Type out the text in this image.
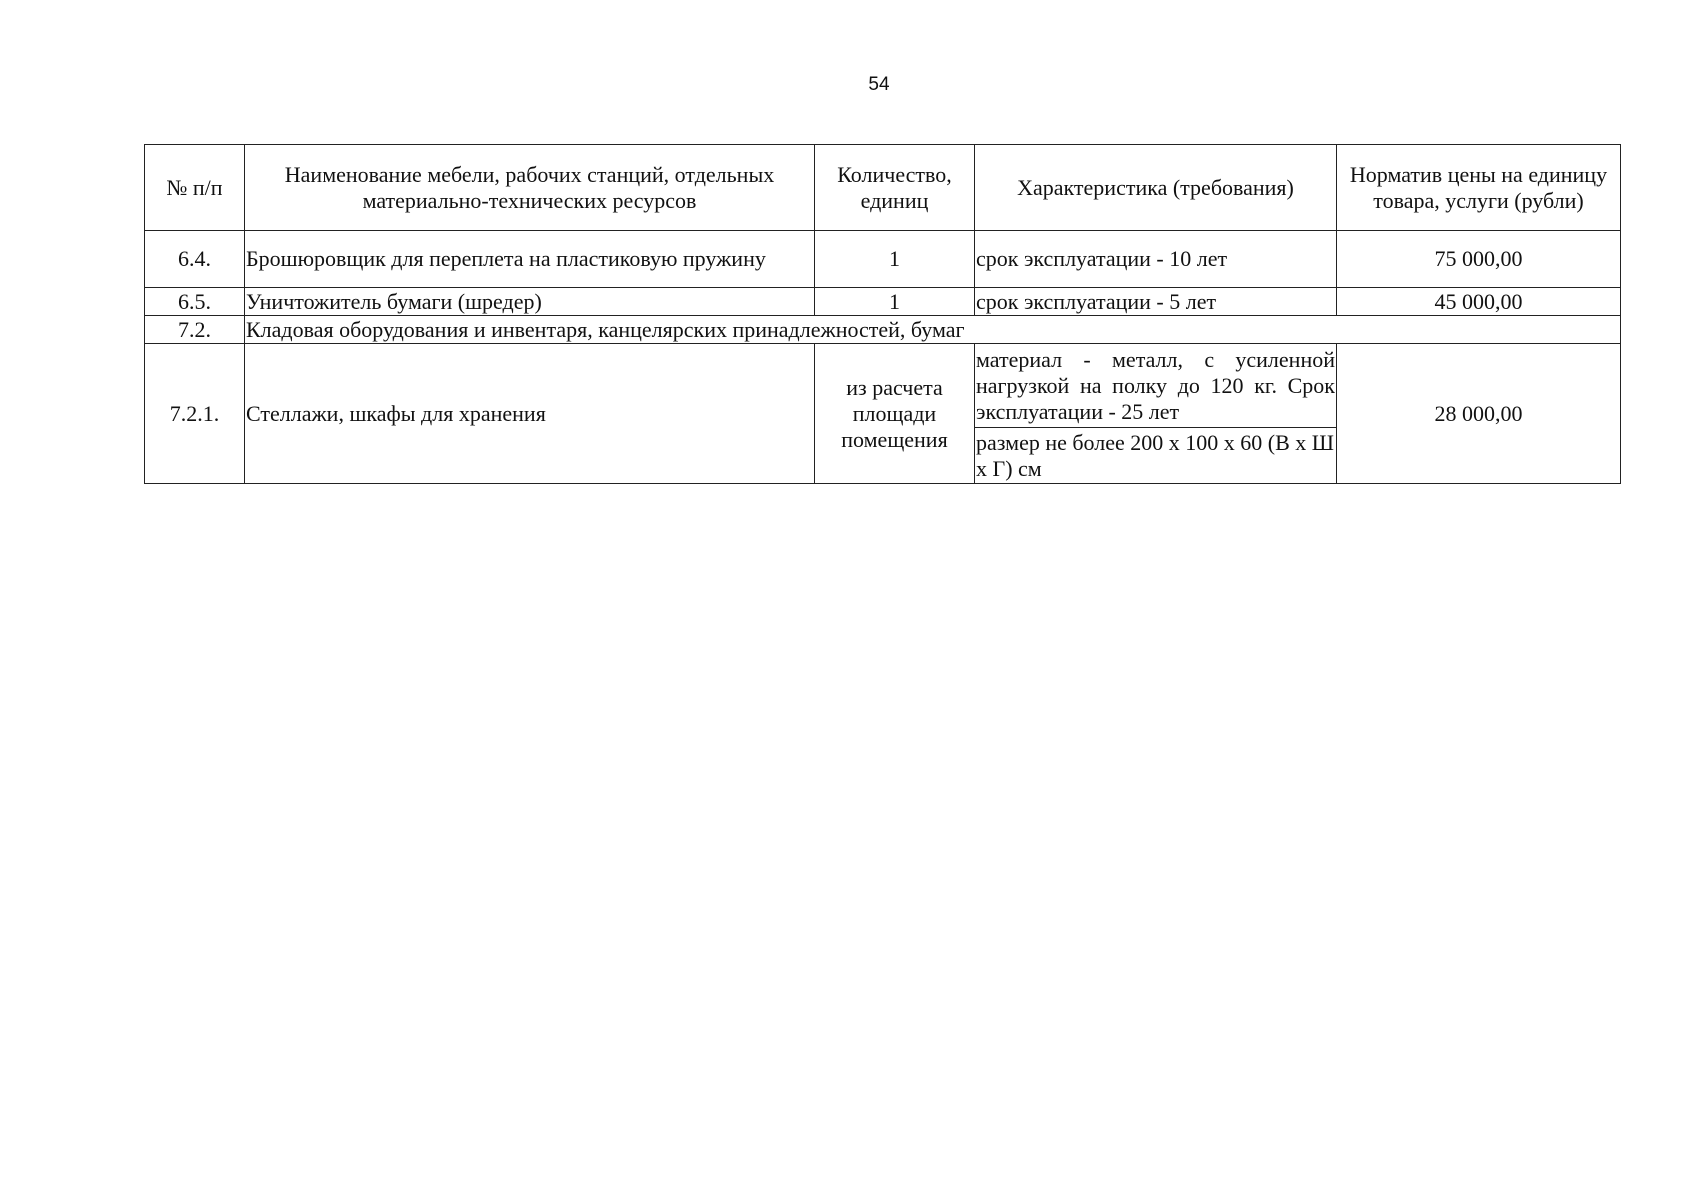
54
№ п/п	Наименование мебели, рабочих станций, отдельных материально-технических ресурсов	Количество, единиц	Характеристика (требования)	Норматив цены на единицу товара, услуги (рубли)
6.4.	Брошюровщик для переплета на пластиковую пружину	1	срок эксплуатации - 10 лет	75 000,00
6.5.	Уничтожитель бумаги (шредер)	1	срок эксплуатации - 5 лет	45 000,00
7.2.	Кладовая оборудования и инвентаря, канцелярских принадлежностей, бумаг			
7.2.1.	Стеллажи, шкафы для хранения	из расчета площади помещения	материал - металл, с усиленной нагрузкой на полку до 120 кг. Срок эксплуатации - 25 лет	28 000,00
			размер не более 200 х 100 х 60 (В х Ш х Г) см	
